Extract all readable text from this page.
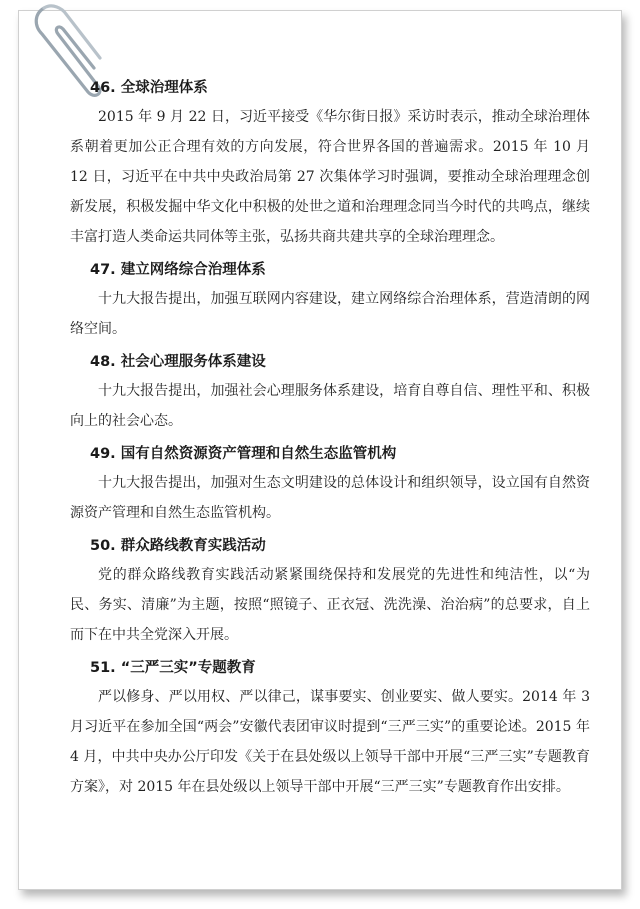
46. 全球治理体系

2015 年 9 月 22 日，习近平接受《华尔街日报》采访时表示，推动全球治理体系朝着更加公正合理有效的方向发展，符合世界各国的普遍需求。2015 年 10 月 12 日，习近平在中共中央政治局第 27 次集体学习时强调，要推动全球治理理念创新发展，积极发掘中华文化中积极的处世之道和治理理念同当今时代的共鸣点，继续丰富打造人类命运共同体等主张，弘扬共商共建共享的全球治理理念。

47. 建立网络综合治理体系

十九大报告提出，加强互联网内容建设，建立网络综合治理体系，营造清朗的网络空间。

48. 社会心理服务体系建设

十九大报告提出，加强社会心理服务体系建设，培育自尊自信、理性平和、积极向上的社会心态。

49. 国有自然资源资产管理和自然生态监管机构

十九大报告提出，加强对生态文明建设的总体设计和组织领导，设立国有自然资源资产管理和自然生态监管机构。

50. 群众路线教育实践活动

党的群众路线教育实践活动紧紧围绕保持和发展党的先进性和纯洁性，以“为民、务实、清廉”为主题，按照“照镜子、正衣冠、洗洗澡、治治病”的总要求，自上而下在中共全党深入开展。

51. “三严三实”专题教育

严以修身、严以用权、严以律己，谋事要实、创业要实、做人要实。2014 年 3 月习近平在参加全国“两会”安徽代表团审议时提到“三严三实”的重要论述。2015 年 4 月，中共中央办公厅印发《关于在县处级以上领导干部中开展“三严三实”专题教育方案》，对 2015 年在县处级以上领导干部中开展“三严三实”专题教育作出安排。
